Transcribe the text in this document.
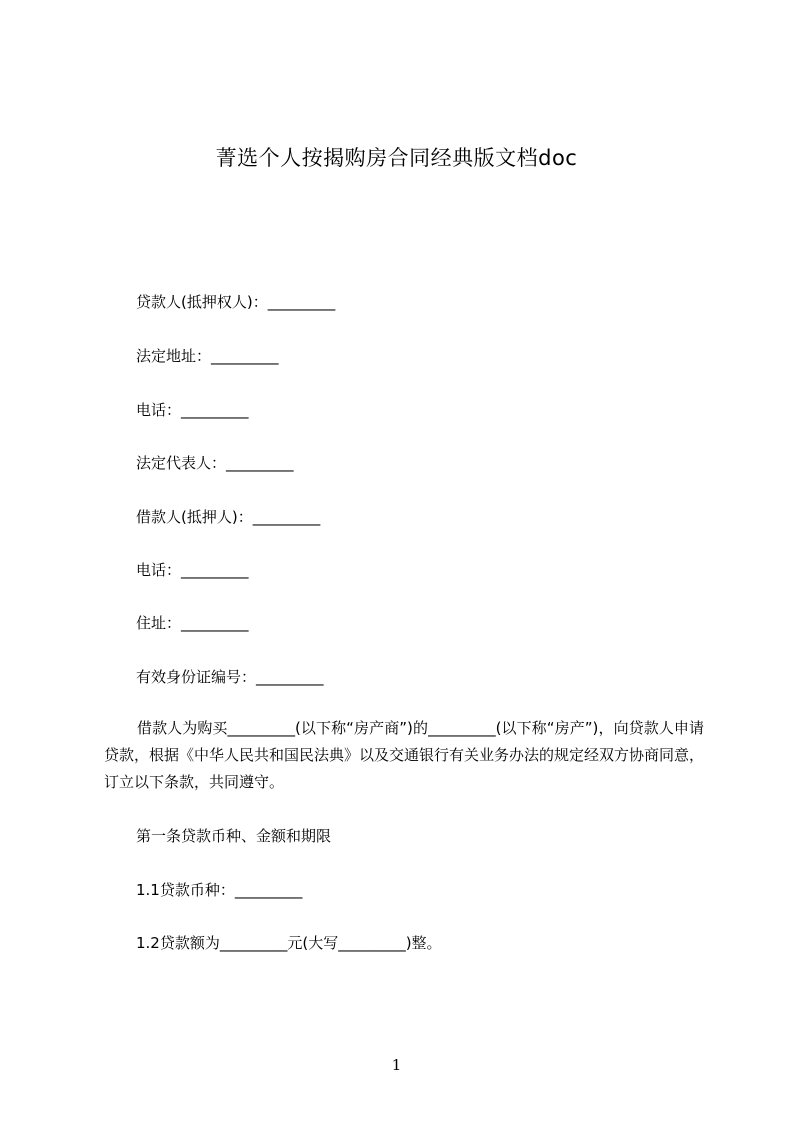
菁选个人按揭购房合同经典版文档doc
贷款人(抵押权人)：_________
法定地址：_________
电话：_________
法定代表人：_________
借款人(抵押人)：_________
电话：_________
住址：_________
有效身份证编号：_________
借款人为购买_________(以下称“房产商”)的_________(以下称“房产”)，向贷款人申请贷款，根据《中华人民共和国民法典》以及交通银行有关业务办法的规定经双方协商同意，订立以下条款，共同遵守。
第一条贷款币种、金额和期限
1.1贷款币种：_________
1.2贷款额为_________元(大写_________)整。
1
